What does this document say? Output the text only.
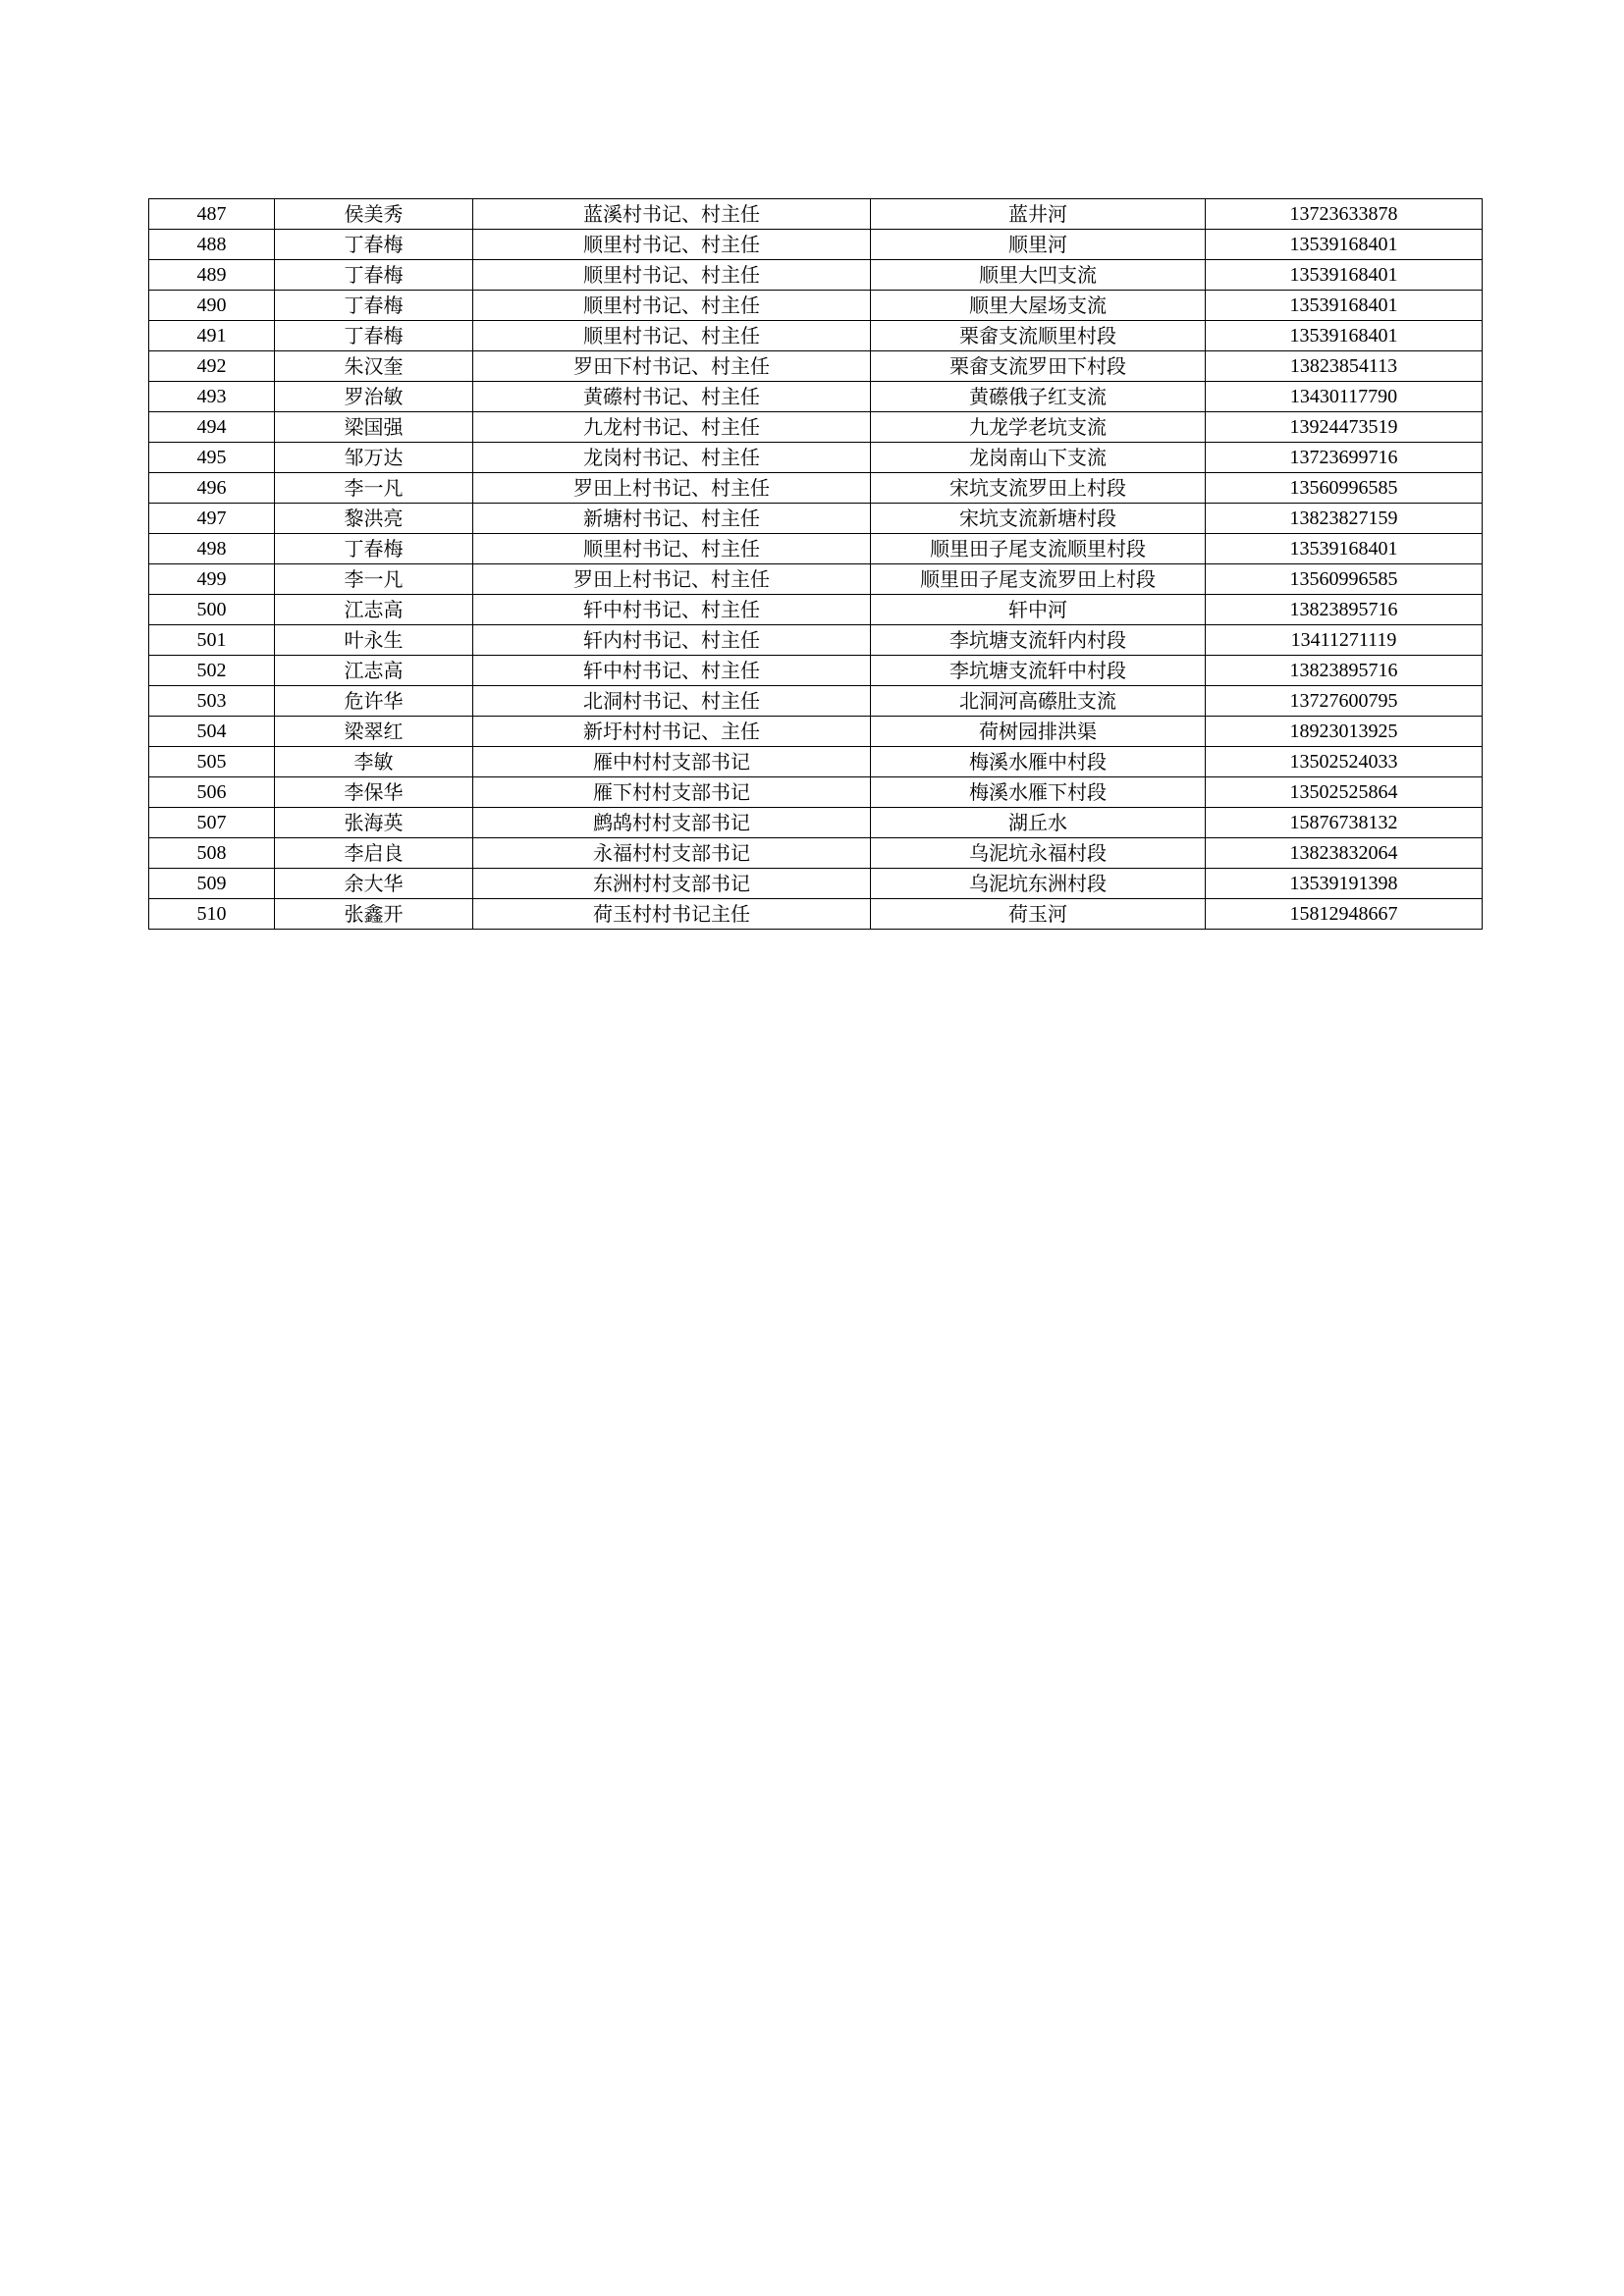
487	侯美秀	蓝溪村书记、村主任	蓝井河	13723633878
488	丁春梅	顺里村书记、村主任	顺里河	13539168401
489	丁春梅	顺里村书记、村主任	顺里大凹支流	13539168401
490	丁春梅	顺里村书记、村主任	顺里大屋场支流	13539168401
491	丁春梅	顺里村书记、村主任	栗畲支流顺里村段	13539168401
492	朱汉奎	罗田下村书记、村主任	栗畲支流罗田下村段	13823854113
493	罗治敏	黄礤村书记、村主任	黄礤俄子红支流	13430117790
494	梁国强	九龙村书记、村主任	九龙学老坑支流	13924473519
495	邹万达	龙岗村书记、村主任	龙岗南山下支流	13723699716
496	李一凡	罗田上村书记、村主任	宋坑支流罗田上村段	13560996585
497	黎洪亮	新塘村书记、村主任	宋坑支流新塘村段	13823827159
498	丁春梅	顺里村书记、村主任	顺里田子尾支流顺里村段	13539168401
499	李一凡	罗田上村书记、村主任	顺里田子尾支流罗田上村段	13560996585
500	江志高	轩中村书记、村主任	轩中河	13823895716
501	叶永生	轩内村书记、村主任	李坑塘支流轩内村段	13411271119
502	江志高	轩中村书记、村主任	李坑塘支流轩中村段	13823895716
503	危许华	北洞村书记、村主任	北洞河高礤肚支流	13727600795
504	梁翠红	新圩村村书记、主任	荷树园排洪渠	18923013925
505	李敏	雁中村村支部书记	梅溪水雁中村段	13502524033
506	李保华	雁下村村支部书记	梅溪水雁下村段	13502525864
507	张海英	鹧鸪村村支部书记	湖丘水	15876738132
508	李启良	永福村村支部书记	乌泥坑永福村段	13823832064
509	余大华	东洲村村支部书记	乌泥坑东洲村段	13539191398
510	张鑫开	荷玉村村书记主任	荷玉河	15812948667
